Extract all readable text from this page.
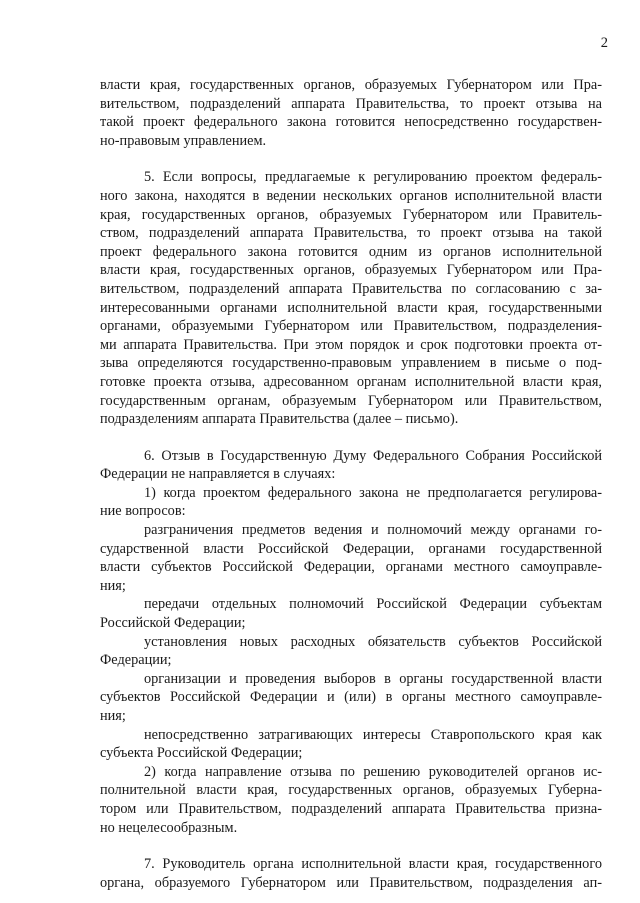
2
власти края, государственных органов, образуемых Губернатором или Пра-
вительством, подразделений аппарата Правительства, то проект отзыва на
такой проект федерального закона готовится непосредственно государствен-
но-правовым управлением.
5. Если вопросы, предлагаемые к регулированию проектом федераль-
ного закона, находятся в ведении нескольких органов исполнительной власти
края, государственных органов, образуемых Губернатором или Правитель-
ством, подразделений аппарата Правительства, то проект отзыва на такой
проект федерального закона готовится одним из органов исполнительной
власти края, государственных органов, образуемых Губернатором или Пра-
вительством, подразделений аппарата Правительства по согласованию с за-
интересованными органами исполнительной власти края, государственными
органами, образуемыми Губернатором или Правительством, подразделения-
ми аппарата Правительства. При этом порядок и срок подготовки проекта от-
зыва определяются государственно-правовым управлением в письме о под-
готовке проекта отзыва, адресованном органам исполнительной власти края,
государственным органам, образуемым Губернатором или Правительством,
подразделениям аппарата Правительства (далее – письмо).
6. Отзыв в Государственную Думу Федерального Собрания Российской
Федерации не направляется в случаях:
1) когда проектом федерального закона не предполагается регулирова-
ние вопросов:
разграничения предметов ведения и полномочий между органами го-
сударственной власти Российской Федерации, органами государственной
власти субъектов Российской Федерации, органами местного самоуправле-
ния;
передачи отдельных полномочий Российской Федерации субъектам
Российской Федерации;
установления новых расходных обязательств субъектов Российской
Федерации;
организации и проведения выборов в органы государственной власти
субъектов Российской Федерации и (или) в органы местного самоуправле-
ния;
непосредственно затрагивающих интересы Ставропольского края как
субъекта Российской Федерации;
2) когда направление отзыва по решению руководителей органов ис-
полнительной власти края, государственных органов, образуемых Губерна-
тором или Правительством, подразделений аппарата Правительства призна-
но нецелесообразным.
7. Руководитель органа исполнительной власти края, государственного
органа, образуемого Губернатором или Правительством, подразделения ап-
